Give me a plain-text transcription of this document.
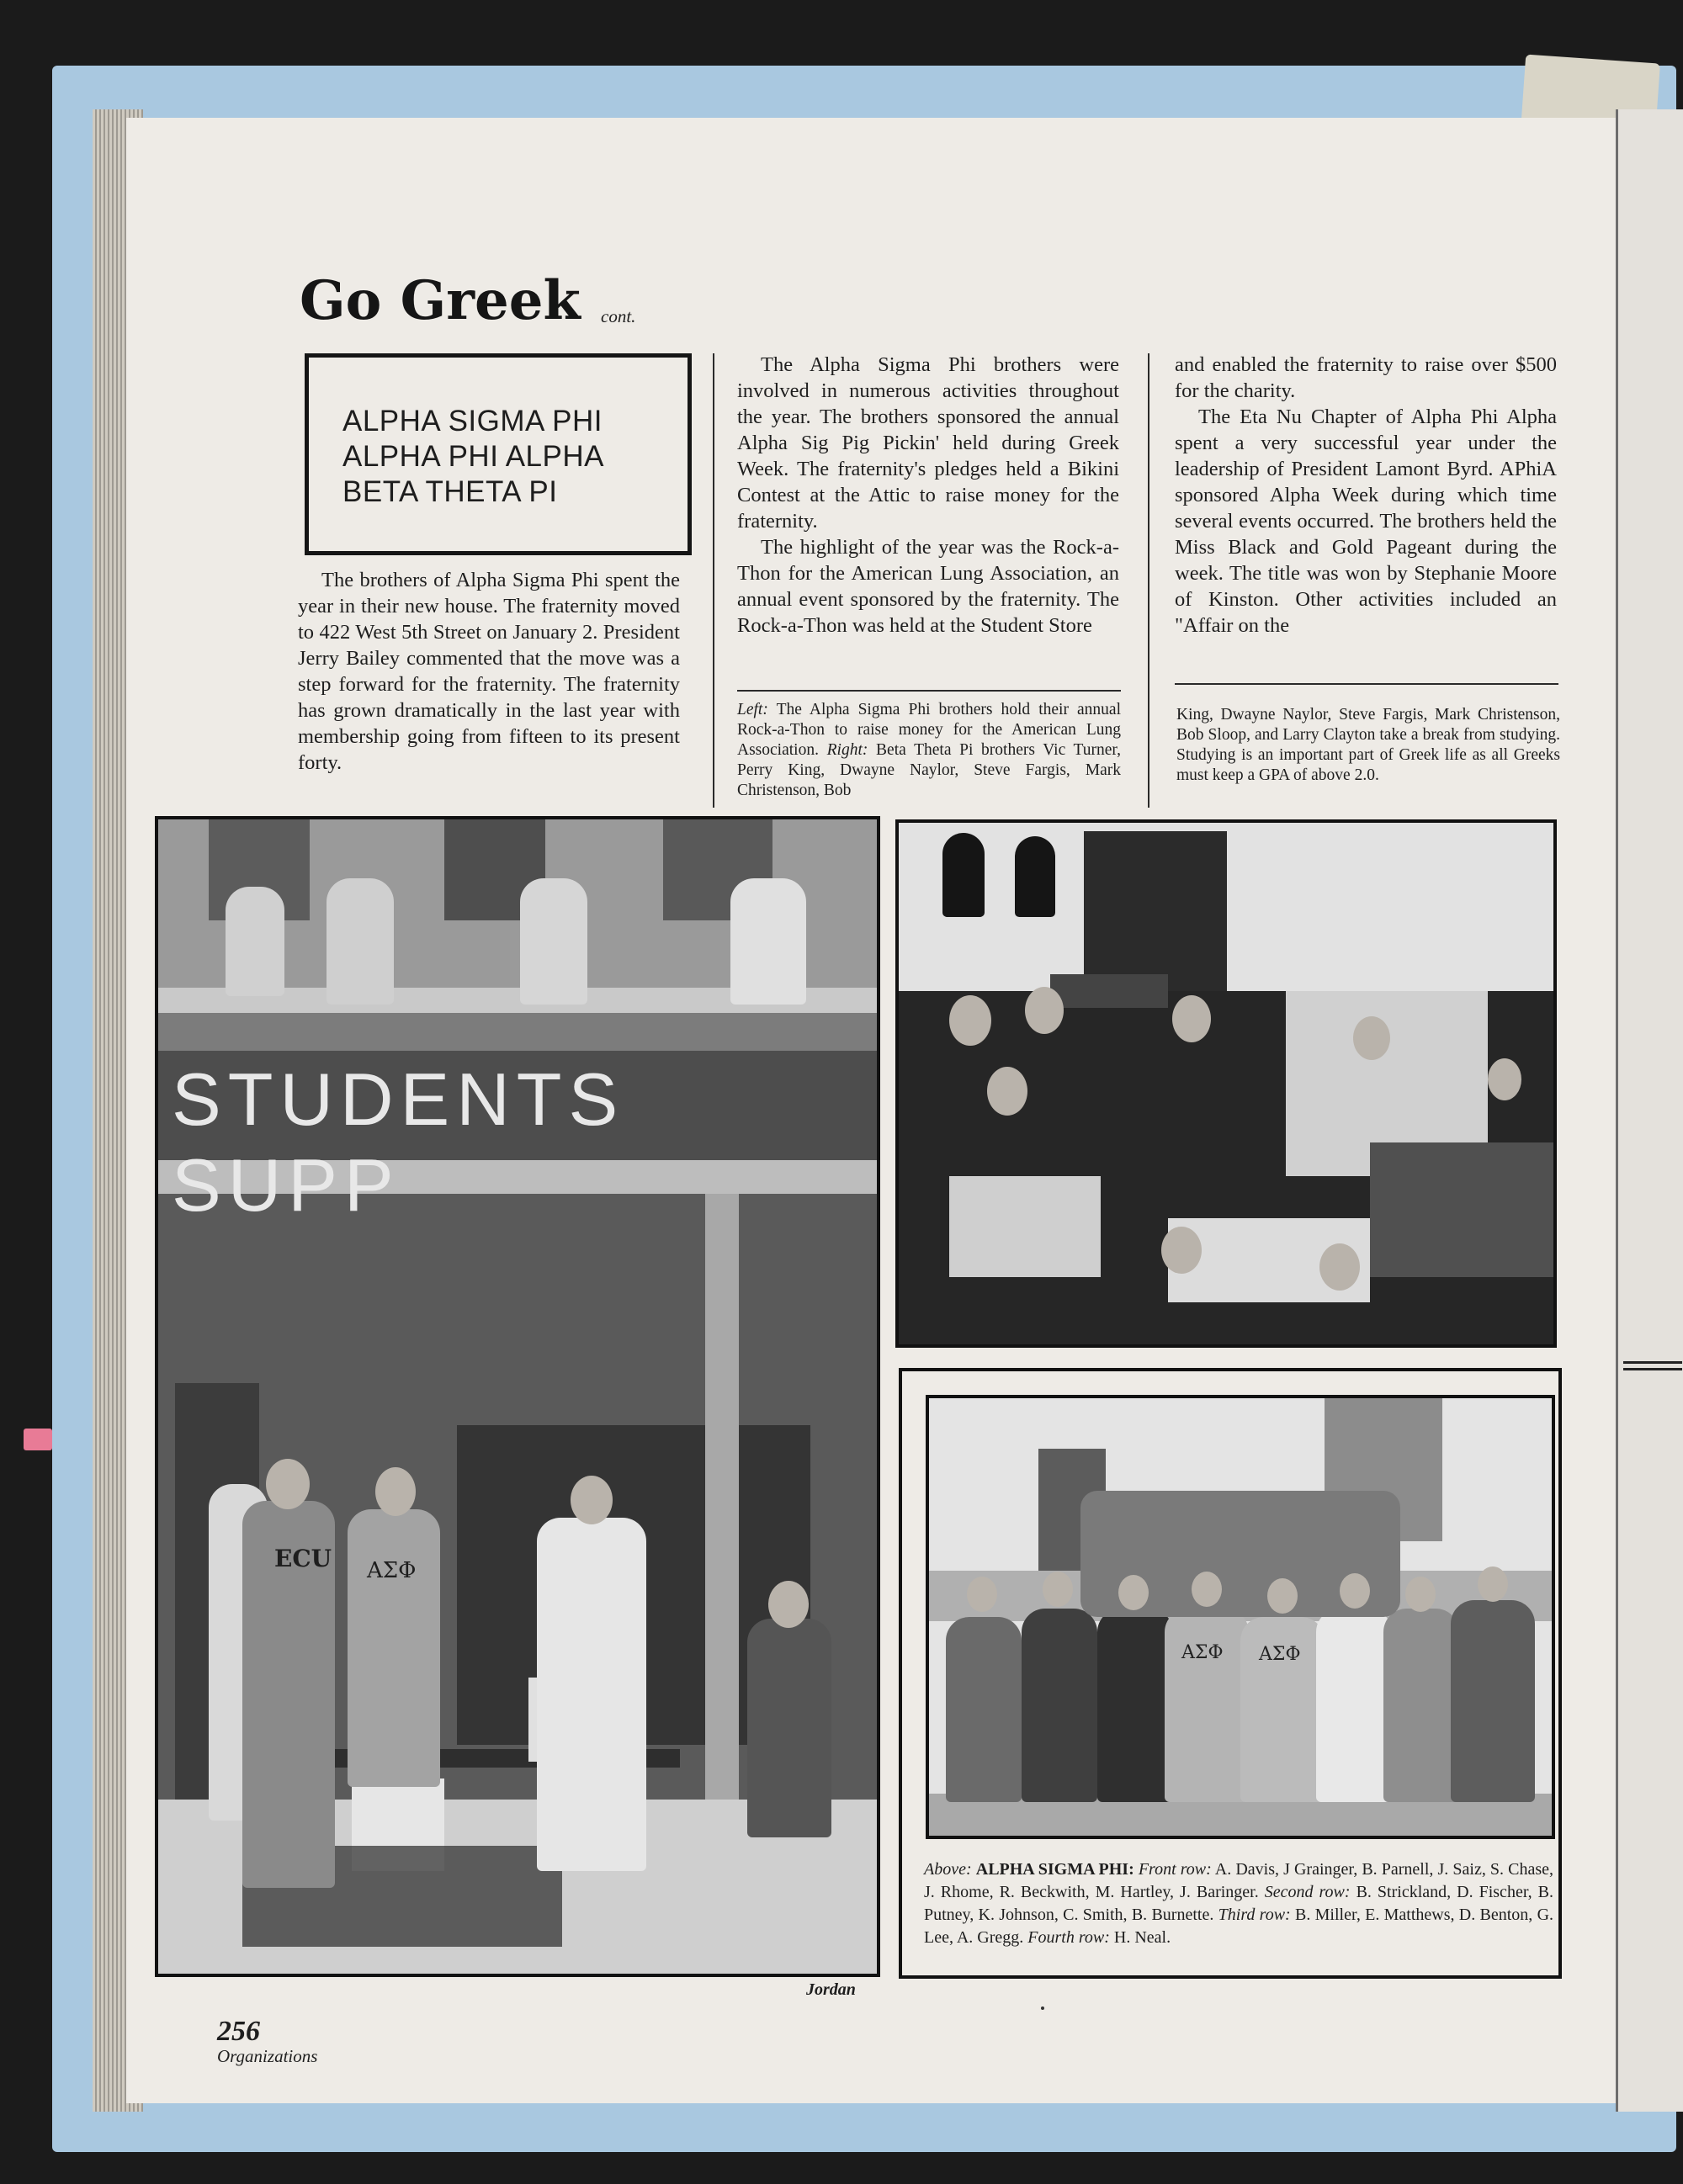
Go Greek cont.
ALPHA SIGMA PHI
ALPHA PHI ALPHA
BETA THETA PI

The brothers of Alpha Sigma Phi spent the year in their new house. The fraternity moved to 422 West 5th Street on January 2. President Jerry Bailey commented that the move was a step forward for the fraternity. The fraternity has grown dramatically in the last year with membership going from fifteen to its present forty.

The Alpha Sigma Phi brothers were involved in numerous activities throughout the year. The brothers sponsored the annual Alpha Sig Pig Pickin' held during Greek Week. The fraternity's pledges held a Bikini Contest at the Attic to raise money for the fraternity.

The highlight of the year was the Rock-a-Thon for the American Lung Association, an annual event sponsored by the fraternity. The Rock-a-Thon was held at the Student Store

and enabled the fraternity to raise over $500 for the charity.

The Eta Nu Chapter of Alpha Phi Alpha spent a very successful year under the leadership of President Lamont Byrd. APhiA sponsored Alpha Week during which time several events occurred. The brothers held the Miss Black and Gold Pageant during the week. The title was won by Stephanie Moore of Kinston. Other activities included an "Affair on the

Left: The Alpha Sigma Phi brothers hold their annual Rock-a-Thon to raise money for the American Lung Association. Right: Beta Theta Pi brothers Vic Turner, Perry King, Dwayne Naylor, Steve Fargis, Mark Christenson, Bob
King, Dwayne Naylor, Steve Fargis, Mark Christenson, Bob Sloop, and Larry Clayton take a break from studying. Studying is an important part of Greek life as all Greeks must keep a GPA of above 2.0.
STUDENTS SUPP
ECU ΑΣΦ
ΑΣΦ ΑΣΦ
Above: ALPHA SIGMA PHI: Front row: A. Davis, J Grainger, B. Parnell, J. Saiz, S. Chase, J. Rhome, R. Beckwith, M. Hartley, J. Baringer. Second row: B. Strickland, D. Fischer, B. Putney, K. Johnson, C. Smith, B. Burnette. Third row: B. Miller, E. Matthews, D. Benton, G. Lee, A. Gregg. Fourth row: H. Neal.
Jordan
256
Organizations
